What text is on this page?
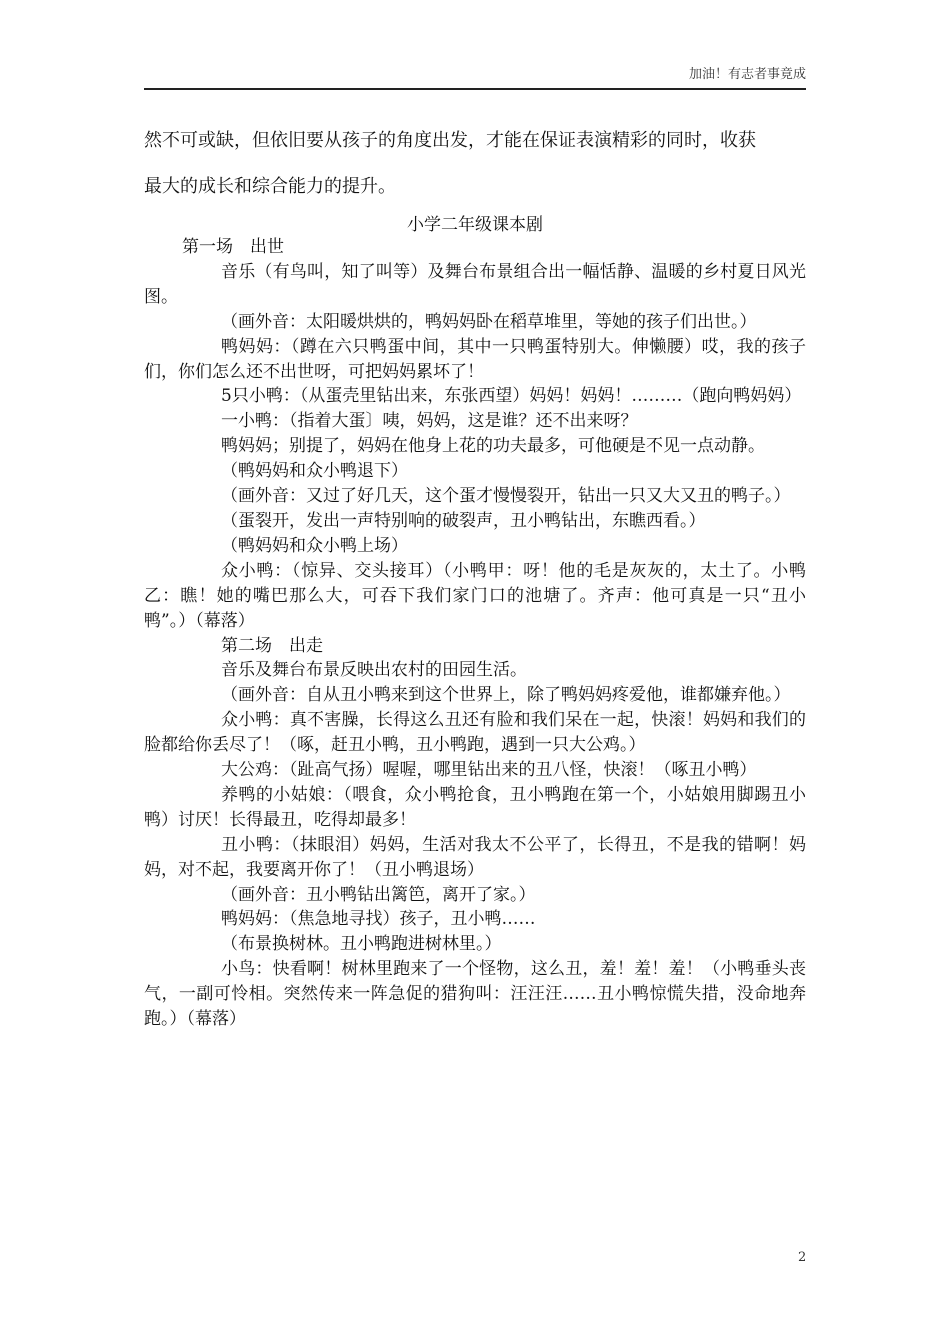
加油！有志者事竟成

然不可或缺，但依旧要从孩子的角度出发，才能在保证表演精彩的同时，收获

最大的成长和综合能力的提升。

小学二年级课本剧

第一场　出世

音乐（有鸟叫，知了叫等）及舞台布景组合出一幅恬静、温暖的乡村夏日风光图。

（画外音：太阳暖烘烘的，鸭妈妈卧在稻草堆里，等她的孩子们出世。）

鸭妈妈：（蹲在六只鸭蛋中间，其中一只鸭蛋特别大。伸懒腰）哎，我的孩子们，你们怎么还不出世呀，可把妈妈累坏了！

5只小鸭：（从蛋壳里钻出来，东张西望）妈妈！妈妈！………（跑向鸭妈妈）

一小鸭：（指着大蛋〕咦，妈妈，这是谁？还不出来呀？

鸭妈妈；别提了，妈妈在他身上花的功夫最多，可他硬是不见一点动静。

（鸭妈妈和众小鸭退下）

（画外音：又过了好几天，这个蛋才慢慢裂开，钻出一只又大又丑的鸭子。）

（蛋裂开，发出一声特别响的破裂声，丑小鸭钻出，东瞧西看。）

（鸭妈妈和众小鸭上场）

众小鸭：（惊异、交头接耳）（小鸭甲：呀！他的毛是灰灰的，太土了。小鸭乙：瞧！她的嘴巴那么大，可吞下我们家门口的池塘了。齐声：他可真是一只“丑小鸭”。）（幕落）

第二场　出走

音乐及舞台布景反映出农村的田园生活。

（画外音：自从丑小鸭来到这个世界上，除了鸭妈妈疼爱他，谁都嫌弃他。）

众小鸭：真不害臊，长得这么丑还有脸和我们呆在一起，快滚！妈妈和我们的脸都给你丢尽了！（啄，赶丑小鸭，丑小鸭跑，遇到一只大公鸡。）

大公鸡：（趾高气扬）喔喔，哪里钻出来的丑八怪，快滚！（啄丑小鸭）

养鸭的小姑娘：（喂食，众小鸭抢食，丑小鸭跑在第一个，小姑娘用脚踢丑小鸭）讨厌！长得最丑，吃得却最多！

丑小鸭：（抹眼泪）妈妈，生活对我太不公平了，长得丑，不是我的错啊！妈妈，对不起，我要离开你了！（丑小鸭退场）

（画外音：丑小鸭钻出篱笆，离开了家。）

鸭妈妈：（焦急地寻找）孩子，丑小鸭……

（布景换树林。丑小鸭跑进树林里。）

小鸟：快看啊！树林里跑来了一个怪物，这么丑，羞！羞！羞！（小鸭垂头丧气，一副可怜相。突然传来一阵急促的猎狗叫：汪汪汪……丑小鸭惊慌失措，没命地奔跑。）（幕落）

2
